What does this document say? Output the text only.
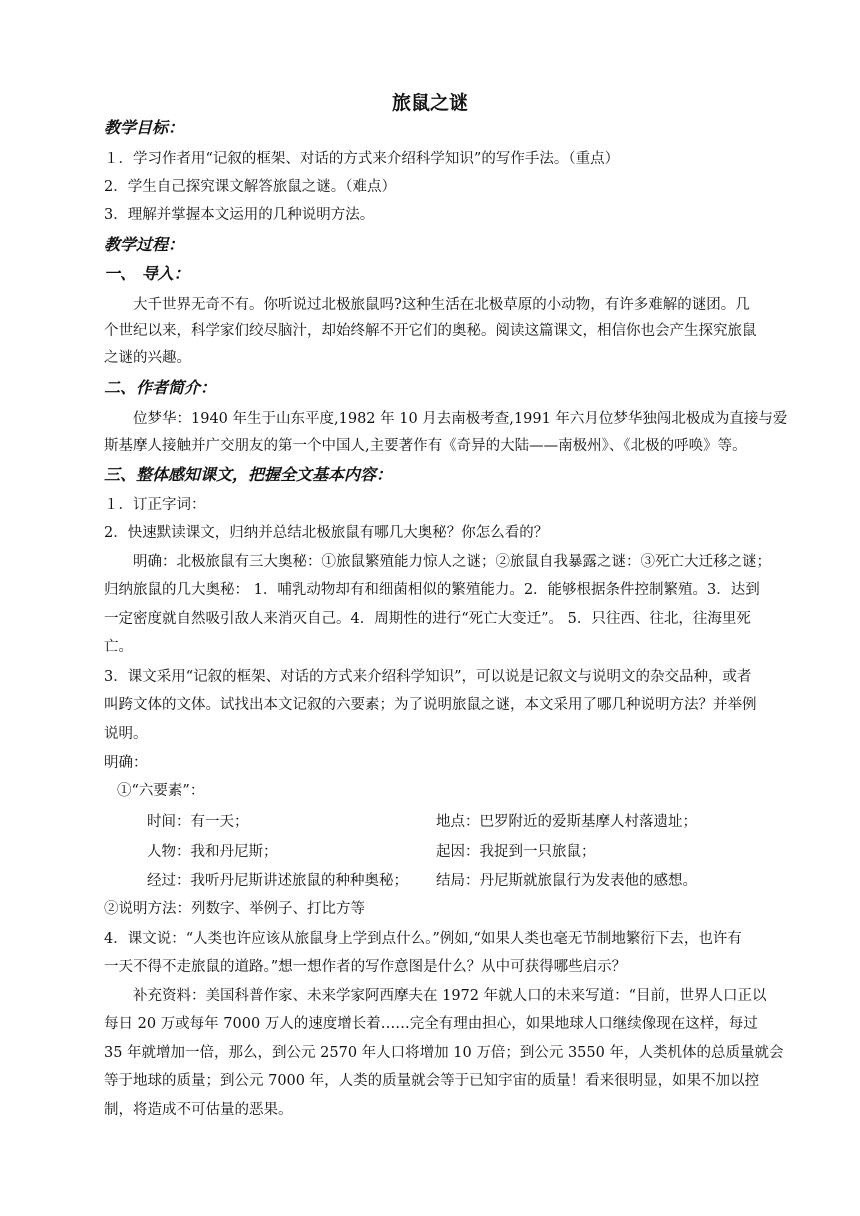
旅鼠之谜
教学目标：
１．学习作者用“记叙的框架、对话的方式来介绍科学知识”的写作手法。（重点）
2．学生自己探究课文解答旅鼠之谜。（难点）
3．理解并掌握本文运用的几种说明方法。
教学过程：
一、 导入：
大千世界无奇不有。你听说过北极旅鼠吗?这种生活在北极草原的小动物，有许多难解的谜团。几
个世纪以来，科学家们绞尽脑汁，却始终解不开它们的奥秘。阅读这篇课文，相信你也会产生探究旅鼠
之谜的兴趣。
二、作者简介：
位梦华：1940 年生于山东平度,1982 年 10 月去南极考查,1991 年六月位梦华独闯北极成为直接与爱
斯基摩人接触并广交朋友的第一个中国人,主要著作有《奇异的大陆——南极州》、《北极的呼唤》等。
三、整体感知课文，把握全文基本内容：
１．订正字词：
2．快速默读课文，归纳并总结北极旅鼠有哪几大奥秘？你怎么看的？
明确：北极旅鼠有三大奥秘：①旅鼠繁殖能力惊人之谜；②旅鼠自我暴露之谜：③死亡大迁移之谜；
归纳旅鼠的几大奥秘： 1．哺乳动物却有和细菌相似的繁殖能力。2．能够根据条件控制繁殖。3．达到
一定密度就自然吸引敌人来消灭自己。4．周期性的进行“死亡大变迁”。 5．只往西、往北，往海里死
亡。
3．课文采用“记叙的框架、对话的方式来介绍科学知识”，可以说是记叙文与说明文的杂交品种，或者
叫跨文体的文体。试找出本文记叙的六要素；为了说明旅鼠之谜，本文采用了哪几种说明方法？并举例
说明。
明确：
①“六要素”：
时间：有一天；	地点：巴罗附近的爱斯基摩人村落遗址；
人物：我和丹尼斯；	起因：我捉到一只旅鼠；
经过：我听丹尼斯讲述旅鼠的种种奥秘； 结局：丹尼斯就旅鼠行为发表他的感想。
②说明方法：列数字、举例子、打比方等
4．课文说：“人类也许应该从旅鼠身上学到点什么。”例如,“如果人类也毫无节制地繁衍下去，也许有
一天不得不走旅鼠的道路。”想一想作者的写作意图是什么？从中可获得哪些启示？
补充资料：美国科普作家、未来学家阿西摩夫在 1972 年就人口的未来写道：“目前，世界人口正以
每日 20 万或每年 7000 万人的速度增长着……完全有理由担心，如果地球人口继续像现在这样，每过
35 年就增加一倍，那么，到公元 2570 年人口将增加 10 万倍；到公元 3550 年，人类机体的总质量就会
等于地球的质量；到公元 7000 年，人类的质量就会等于已知宇宙的质量！看来很明显，如果不加以控
制，将造成不可估量的恶果。
